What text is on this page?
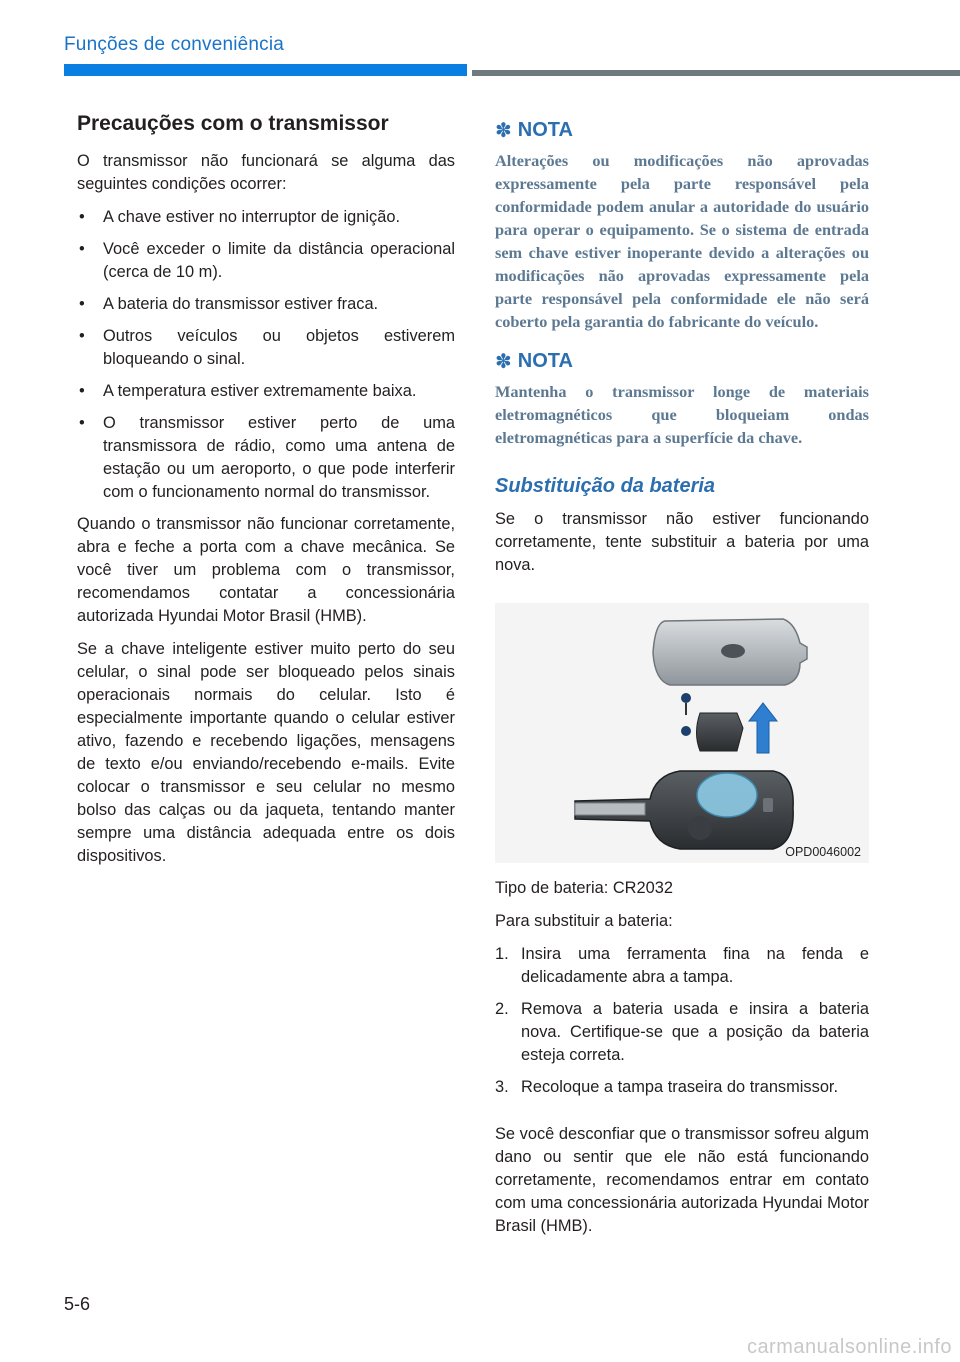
Funções de conveniência
Precauções com o transmissor

O transmissor não funcionará se alguma das seguintes condições ocorrer:

• A chave estiver no interruptor de ignição.
• Você exceder o limite da distância operacional (cerca de 10 m).
• A bateria do transmissor estiver fraca.
• Outros veículos ou objetos estiverem bloqueando o sinal.
• A temperatura estiver extremamente baixa.
• O transmissor estiver perto de uma transmissora de rádio, como uma antena de estação ou um aeroporto, o que pode interferir com o funcionamento normal do transmissor.

Quando o transmissor não funcionar corretamente, abra e feche a porta com a chave mecânica. Se você tiver um problema com o transmissor, recomendamos contatar a concessionária autorizada Hyundai Motor Brasil (HMB).

Se a chave inteligente estiver muito perto do seu celular, o sinal pode ser bloqueado pelos sinais operacionais normais do celular. Isto é especialmente importante quando o celular estiver ativo, fazendo e recebendo ligações, mensagens de texto e/ou enviando/recebendo e-mails. Evite colocar o transmissor e seu celular no mesmo bolso das calças ou da jaqueta, tentando manter sempre uma distância adequada entre os dois dispositivos.

✽ NOTA

Alterações ou modificações não aprovadas expressamente pela parte responsável pela conformidade podem anular a autoridade do usuário para operar o equipamento. Se o sistema de entrada sem chave estiver inoperante devido a alterações ou modificações não aprovadas expressamente pela parte responsável pela conformidade ele não será coberto pela garantia do fabricante do veículo.

✽ NOTA

Mantenha o transmissor longe de materiais eletromagnéticos que bloqueiam ondas eletromagnéticas para a superfície da chave.

Substituição da bateria

Se o transmissor não estiver funcionando corretamente, tente substituir a bateria por uma nova.

OPD0046002

Tipo de bateria: CR2032

Para substituir a bateria:

1. Insira uma ferramenta fina na fenda e delicadamente abra a tampa.
2. Remova a bateria usada e insira a bateria nova. Certifique-se que a posição da bateria esteja correta.
3. Recoloque a tampa traseira do transmissor.

Se você desconfiar que o transmissor sofreu algum dano ou sentir que ele não está funcionando corretamente, recomendamos entrar em contato com uma concessionária autorizada Hyundai Motor Brasil (HMB).

5-6
carmanualsonline.info
